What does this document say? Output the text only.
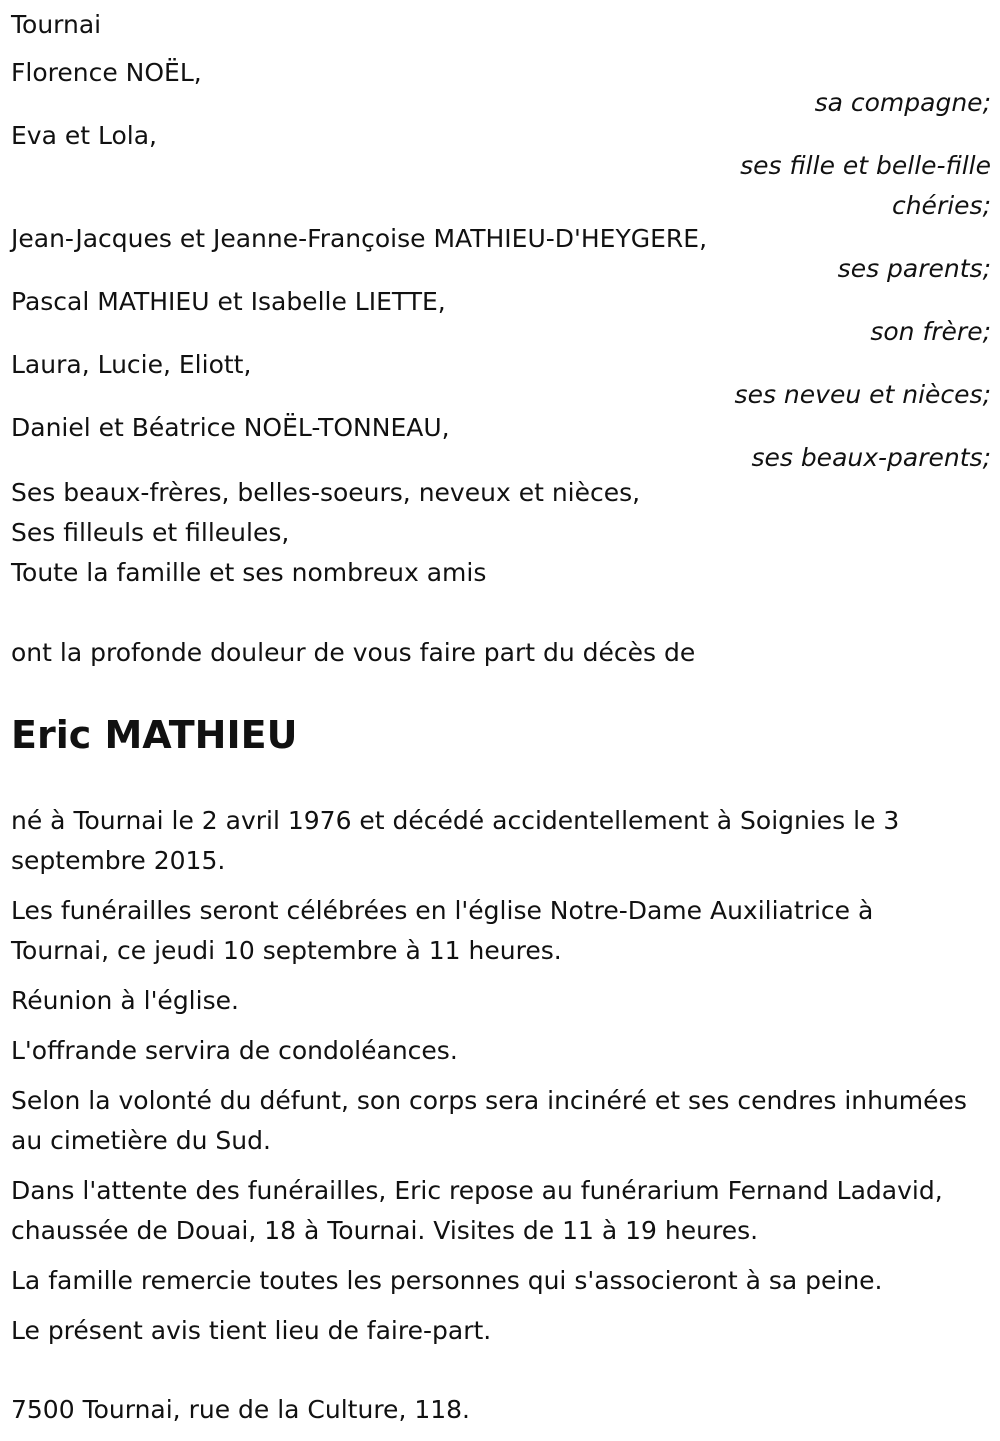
Tournai
Florence NOËL,
sa compagne;
Eva et Lola,
ses fille et belle-fille
chéries;
Jean-Jacques et Jeanne-Françoise MATHIEU-D'HEYGERE,
ses parents;
Pascal MATHIEU et Isabelle LIETTE,
son frère;
Laura, Lucie, Eliott,
ses neveu et nièces;
Daniel et Béatrice NOËL-TONNEAU,
ses beaux-parents;
Ses beaux-frères, belles-soeurs, neveux et nièces,
Ses filleuls et filleules,
Toute la famille et ses nombreux amis
ont la profonde douleur de vous faire part du décès de
Eric MATHIEU

né à Tournai le 2 avril 1976 et décédé accidentellement à Soignies le 3 septembre 2015.

Les funérailles seront célébrées en l'église Notre-Dame Auxiliatrice à Tournai, ce jeudi 10 septembre à 11 heures.

Réunion à l'église.

L'offrande servira de condoléances.

Selon la volonté du défunt, son corps sera incinéré et ses cendres inhumées au cimetière du Sud.

Dans l'attente des funérailles, Eric repose au funérarium Fernand Ladavid, chaussée de Douai, 18 à Tournai. Visites de 11 à 19 heures.

La famille remercie toutes les personnes qui s'associeront à sa peine.

Le présent avis tient lieu de faire-part.

7500 Tournai, rue de la Culture, 118.
